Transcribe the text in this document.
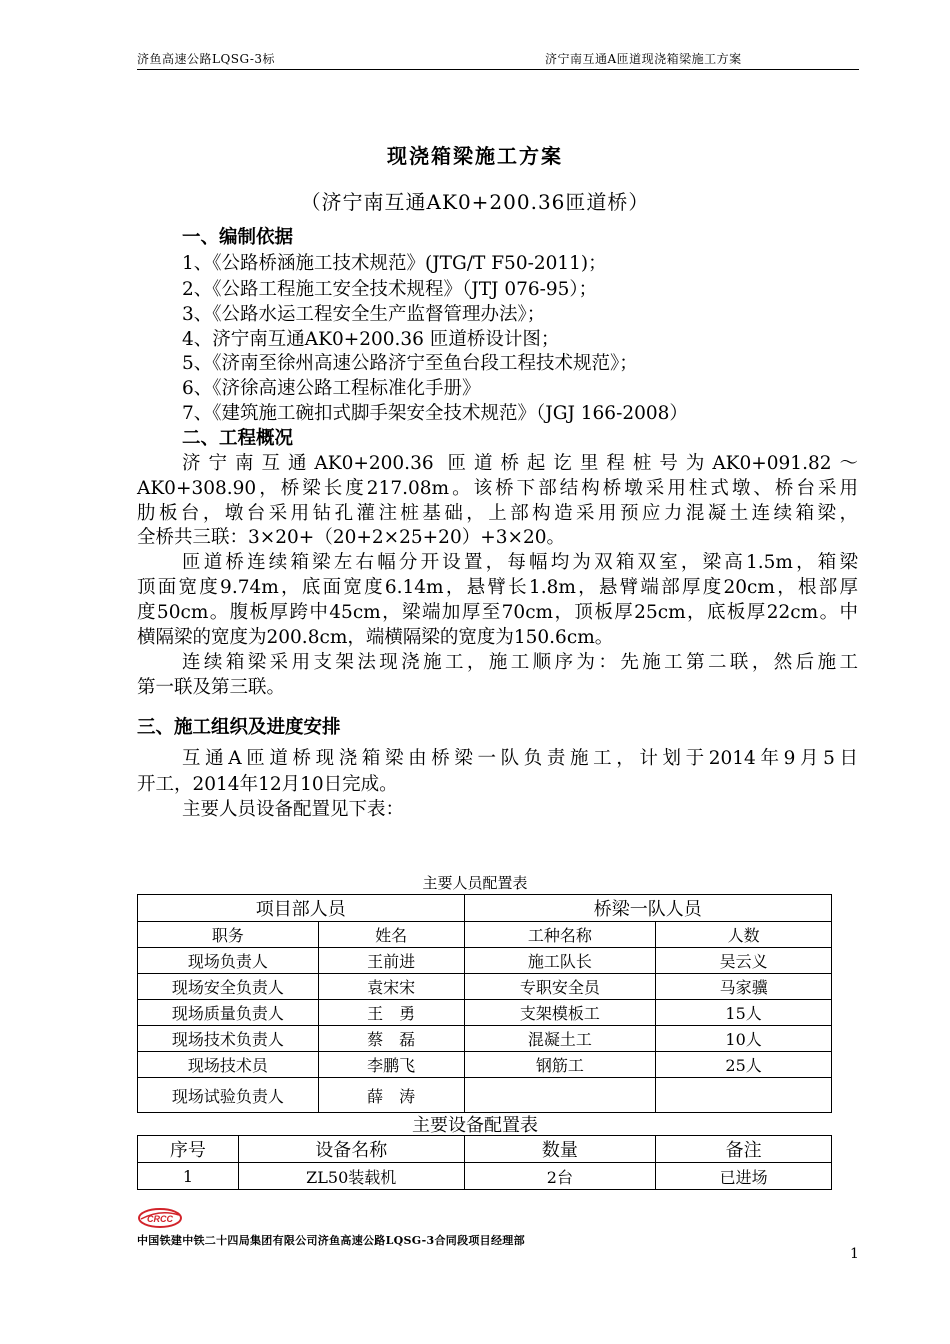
济鱼高速公路LQSG-3标	济宁南互通A匝道现浇箱梁施工方案
现浇箱梁施工方案
（济宁南互通AK0+200.36匝道桥）
一、编制依据
1、《公路桥涵施工技术规范》(JTG/T F50-2011)；
2、《公路工程施工安全技术规程》（JTJ 076-95）；
3、《公路水运工程安全生产监督管理办法》；
4、济宁南互通AK0+200.36 匝道桥设计图；
5、《济南至徐州高速公路济宁至鱼台段工程技术规范》；
6、《济徐高速公路工程标准化手册》
7、《建筑施工碗扣式脚手架安全技术规范》（JGJ 166-2008）
二、工程概况
济宁南互通AK0+200.36 匝道桥起讫里程桩号为AK0+091.82～
AK0+308.90，桥梁长度217.08m。该桥下部结构桥墩采用柱式墩、桥台采用
肋板台，墩台采用钻孔灌注桩基础，上部构造采用预应力混凝土连续箱梁，
全桥共三联：3×20+（20+2×25+20）+3×20。
匝道桥连续箱梁左右幅分开设置，每幅均为双箱双室，梁高1.5m，箱梁
顶面宽度9.74m，底面宽度6.14m，悬臂长1.8m，悬臂端部厚度20cm，根部厚
度50cm。腹板厚跨中45cm，梁端加厚至70cm，顶板厚25cm，底板厚22cm。中
横隔梁的宽度为200.8cm，端横隔梁的宽度为150.6cm。
连续箱梁采用支架法现浇施工，施工顺序为：先施工第二联，然后施工
第一联及第三联。
三、施工组织及进度安排
互通A匝道桥现浇箱梁由桥梁一队负责施工，计划于2014年9月5日
开工，2014年12月10日完成。
主要人员设备配置见下表：
主要人员配置表
项目部人员		桥梁一队人员	
职务	姓名	工种名称	人数
现场负责人	王前进	施工队长	吴云义
现场安全负责人	袁宋宋	专职安全员	马家骥
现场质量负责人	王　勇	支架模板工	15人
现场技术负责人	蔡　磊	混凝土工	10人
现场技术员	李鹏飞	钢筋工	25人
现场试验负责人	薛　涛		
主要设备配置表
序号	设备名称	数量	备注
1	ZL50装载机	2台	已进场
CRCC
中国铁建中铁二十四局集团有限公司济鱼高速公路LQSG-3合同段项目经理部
1
